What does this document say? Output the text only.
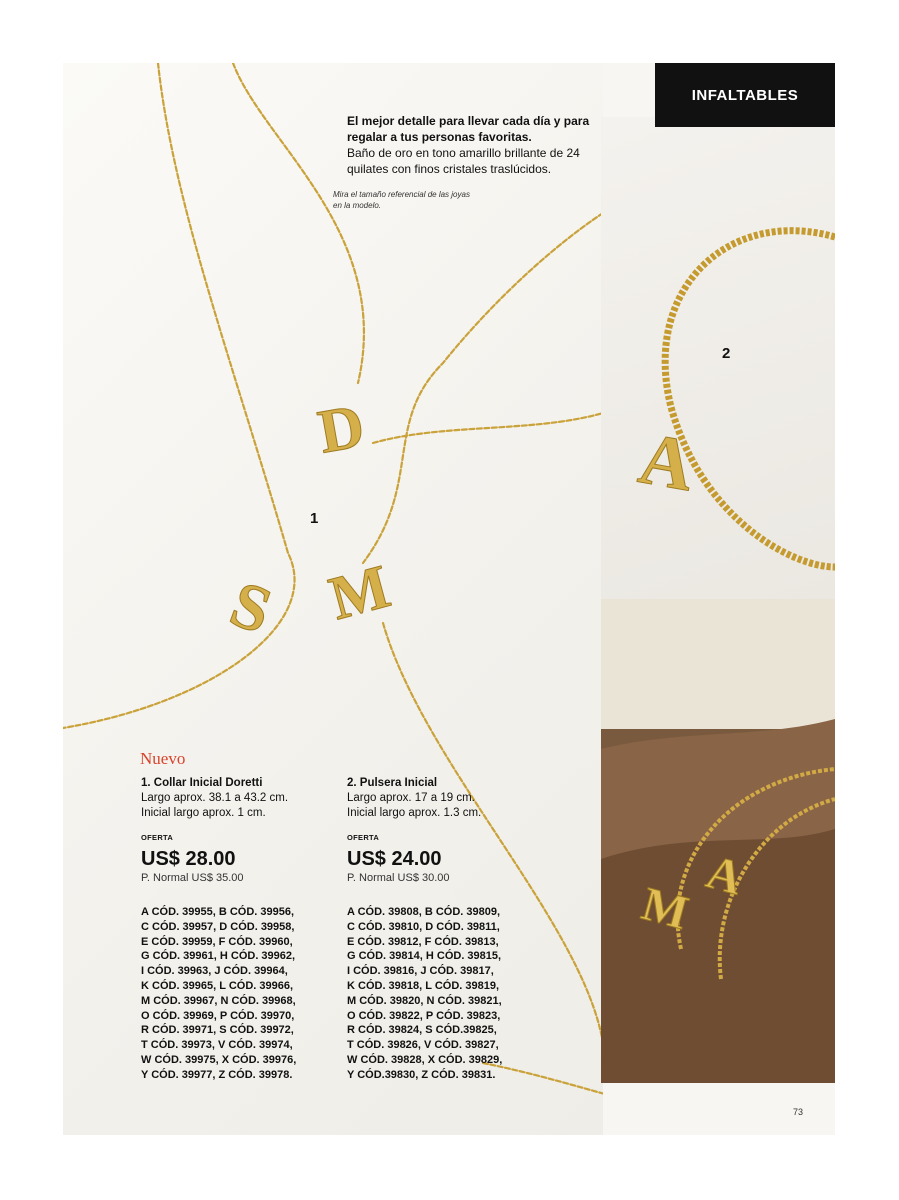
D
S M
A
M
A
INFALTABLES
El mejor detalle para llevar cada día y para regalar a tus personas favoritas.
Baño de oro en tono amarillo brillante de 24 quilates con finos cristales traslúcidos.
Mira el tamaño referencial de las joyas en la modelo.
1
2
Nuevo
1. Collar Inicial Doretti
Largo aprox. 38.1 a 43.2 cm.
Inicial largo aprox. 1 cm.
OFERTA
US$ 28.00
P. Normal US$ 35.00
2. Pulsera Inicial
Largo aprox. 17 a 19 cm.
Inicial largo aprox. 1.3 cm.
OFERTA
US$ 24.00
P. Normal US$ 30.00
A CÓD. 39955, B CÓD. 39956,
C CÓD. 39957, D CÓD. 39958,
E CÓD. 39959, F CÓD. 39960,
G CÓD. 39961, H CÓD. 39962,
I CÓD. 39963, J CÓD. 39964,
K CÓD. 39965, L CÓD. 39966,
M CÓD. 39967, N CÓD. 39968,
O CÓD. 39969, P CÓD. 39970,
R CÓD. 39971, S CÓD. 39972,
T CÓD. 39973, V CÓD. 39974,
W CÓD. 39975, X CÓD. 39976,
Y CÓD. 39977, Z CÓD. 39978.
A CÓD. 39808, B CÓD. 39809,
C CÓD. 39810, D CÓD. 39811,
E CÓD. 39812, F CÓD. 39813,
G CÓD. 39814, H CÓD. 39815,
I CÓD. 39816, J CÓD. 39817,
K CÓD. 39818, L CÓD. 39819,
M CÓD. 39820, N CÓD. 39821,
O CÓD. 39822, P CÓD. 39823,
R CÓD. 39824, S CÓD.39825,
T CÓD. 39826, V CÓD. 39827,
W CÓD. 39828, X CÓD. 39829,
Y CÓD.39830, Z CÓD. 39831.
73
